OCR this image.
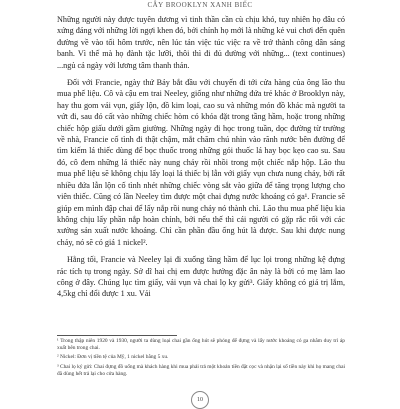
CÂY BROOKLYN XANH BIẾC

Những người này được tuyên dương vì tinh thần cần cù chịu khó, tuy nhiên họ đâu có xứng đáng với những lời ngợi khen đó, bởi chính họ mới là những kẻ vui chơi đến quên đường về vào tối hôm trước, nên lúc tản việc túc việc ra về trở thành công dân sáng banh. Vì thế mà họ đành tặc lưỡi, thôi thì đi đủ đường với những... (text continues) ...ngủ cả ngày với lương tâm thanh thản.

Đối với Francie, ngày thứ Bảy bắt đầu với chuyến đi tới cửa hàng của ông lão thu mua phế liệu. Cô và cậu em trai Neeley, giống như những đứa trẻ khác ở Brooklyn này, hay thu gom vải vụn, giấy lộn, đồ kim loại, cao su và những món đồ khác mà người ta vứt đi, sau đó cất vào những chiếc hòm có khóa đặt trong tầng hầm, hoặc trong những chiếc hộp giấu dưới gầm giường. Những ngày đi học trong tuần, dọc đường từ trường về nhà, Francie cố tình đi thật chậm, mắt chăm chú nhìn vào rãnh nước bên đường để tìm kiếm lá thiếc dùng để bọc thuốc trong những gói thuốc lá hay bọc kẹo cao su. Sau đó, cô đem những lá thiếc này nung chảy rồi nhồi trong một chiếc nắp hộp. Lão thu mua phế liệu sẽ không chịu lấy loại lá thiếc bị lẫn với giấy vụn chưa nung chảy, bởi rất nhiều đứa lẫn lộn cố tình nhét những chiếc vòng sắt vào giữa để tăng trọng lượng cho viên thiếc. Cũng có lần Neeley tìm được một chai đựng nước khoáng có ga¹. Francie sẽ giúp em mình đập chai để lấy nắp rồi nung chảy nó thành chì. Lão thu mua phế liệu kia không chịu lấy phần nắp hoàn chỉnh, bởi nếu thế thì cái người có gặp rắc rối với các xưởng sản xuất nước khoáng. Chì cần phần đầu ống hút là được. Sau khi được nung chảy, nó sẽ có giá 1 nickel².

Hằng tối, Francie và Neeley lại đi xuống tầng hầm để lục lọi trong những kệ đựng rác tích tụ trong ngày. Sở dĩ hai chị em được hưởng đặc ân này là bởi có mẹ làm lao công ở đây. Chúng lục tìm giấy, vải vụn và chai lọ ky gửi³. Giấy không có giá trị lắm, 4,5kg chỉ đổi được 1 xu. Vải

¹ Trong thập niên 1920 và 1930, người ta dùng loại chai gần ống hút sẽ phóng để đựng và lấy nước khoáng có ga nhằm duy trì áp xuất bên trong chai.

² Nickel: Đơn vị tiền tệ của Mỹ, 1 nickel bằng 5 xu.

³ Chai lọ ký gửi: Chai đựng đồ uống mà khách hàng khi mua phải trả một khoản tiền đặt cọc và nhận lại số tiền này khi họ mang chai đã dùng hết trả lại cho cửa hàng.

10
